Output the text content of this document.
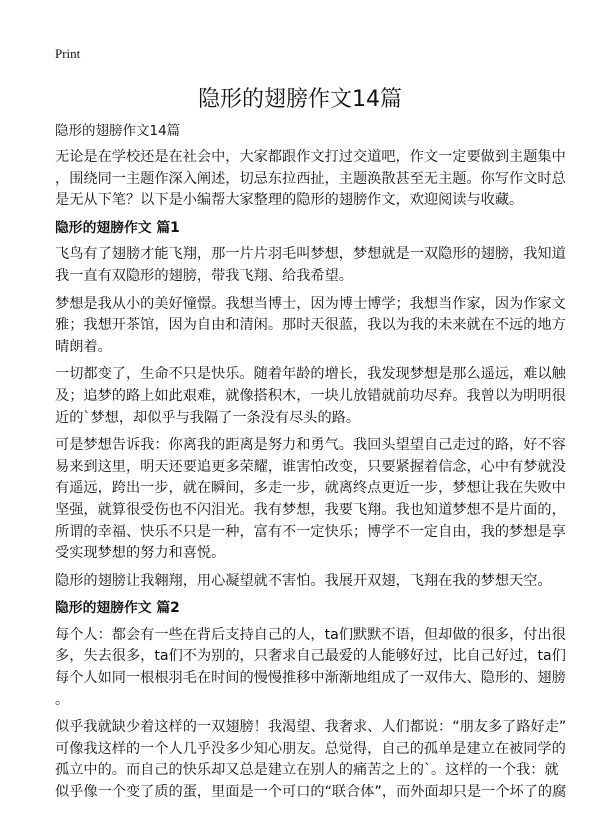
Print
隐形的翅膀作文14篇
隐形的翅膀作文14篇
无论是在学校还是在社会中，大家都跟作文打过交道吧，作文一定要做到主题集中
，围绕同一主题作深入阐述，切忌东拉西扯，主题涣散甚至无主题。你写作文时总
是无从下笔？以下是小编帮大家整理的隐形的翅膀作文，欢迎阅读与收藏。
隐形的翅膀作文 篇1
飞鸟有了翅膀才能飞翔，那一片片羽毛叫梦想，梦想就是一双隐形的翅膀，我知道
我一直有双隐形的翅膀，带我飞翔、给我希望。
梦想是我从小的美好憧憬。我想当博士，因为博士博学；我想当作家，因为作家文
雅；我想开茶馆，因为自由和清闲。那时天很蓝，我以为我的未来就在不远的地方
晴朗着。
一切都变了，生命不只是快乐。随着年龄的增长，我发现梦想是那么遥远，难以触
及；追梦的路上如此艰难，就像搭积木，一块儿放错就前功尽弃。我曾以为明明很
近的`梦想，却似乎与我隔了一条没有尽头的路。
可是梦想告诉我：你离我的距离是努力和勇气。我回头望望自己走过的路，好不容
易来到这里，明天还要追更多荣耀，谁害怕改变，只要紧握着信念，心中有梦就没
有遥远，跨出一步，就在瞬间，多走一步，就离终点更近一步，梦想让我在失败中
坚强，就算很受伤也不闪泪光。我有梦想，我要飞翔。我也知道梦想不是片面的，
所谓的幸福、快乐不只是一种，富有不一定快乐；博学不一定自由，我的梦想是享
受实现梦想的努力和喜悦。
隐形的翅膀让我翱翔，用心凝望就不害怕。我展开双翅，飞翔在我的梦想天空。
隐形的翅膀作文 篇2
每个人：都会有一些在背后支持自己的人，ta们默默不语，但却做的很多，付出很
多，失去很多，ta们不为别的，只奢求自己最爱的人能够好过，比自己好过，ta们
每个人如同一根根羽毛在时间的慢慢推移中渐渐地组成了一双伟大、隐形的、翅膀
。
似乎我就缺少着这样的一双翅膀！我渴望、我奢求、人们都说：“朋友多了路好走”
可像我这样的一个人几乎没多少知心朋友。总觉得，自己的孤单是建立在被同学的
孤立中的。而自己的快乐却又总是建立在别人的痛苦之上的`。这样的一个我：就
似乎像一个变了质的蛋，里面是一个可口的“联合体”，而外面却只是一个坏了的腐
